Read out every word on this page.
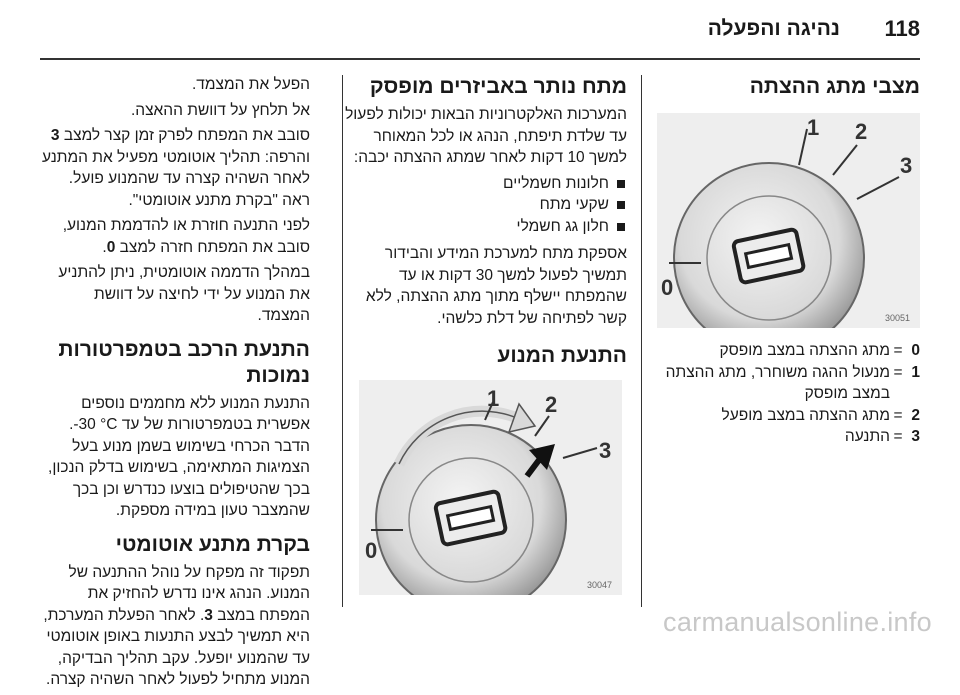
נהיגה והפעלה 118
מצבי מתג ההצתה
0
=
מתג ההצתה במצב מופסק
1
=
מנעול ההגה משוחרר, מתג ההצתה במצב מופסק
2
=
מתג ההצתה במצב מופעל
3
=
התנעה
1 2
3
0
30051
מתח נותר באביזרים מופסק

המערכות האלקטרוניות הבאות יכולות לפעול עד שלדת תיפתח, הנהג או לכל המאוחר למשך 10 דקות לאחר שמתג ההצתה יכבה:

חלונות חשמליים
שקעי מתח
חלון גג חשמלי

אספקת מתח למערכת המידע והבידור תמשיך לפעול למשך 30 דקות או עד שהמפתח יישלף מתוך מתג ההצתה, ללא קשר לפתיחה של דלת כלשהי.

התנעת המנוע
1 2
3
0
30047

הפעל את המצמד.

אל תלחץ על דוושת ההאצה.

סובב את המפתח לפרק זמן קצר למצב 3 והרפה: תהליך אוטומטי מפעיל את המתנע לאחר השהיה קצרה עד שהמנוע פועל. ראה "בקרת מתנע אוטומטי".

לפני התנעה חוזרת או להדממת המנוע, סובב את המפתח חזרה למצב 0.

במהלך הדממה אוטומטית, ניתן להתניע את המנוע על ידי לחיצה על דוושת המצמד.

התנעת הרכב בטמפרטורות נמוכות

התנעת המנוע ללא מחממים נוספים אפשרית בטמפרטורות של עד -30 °C. הדבר הכרחי בשימוש בשמן מנוע בעל הצמיגות המתאימה, בשימוש בדלק הנכון, בכך שהטיפולים בוצעו כנדרש וכן בכך שהמצבר טעון במידה מספקת.

בקרת מתנע אוטומטי

תפקוד זה מפקח על נוהל ההתנעה של המנוע. הנהג אינו נדרש להחזיק את המפתח במצב 3. לאחר הפעלת המערכת, היא תמשיך לבצע התנעות באופן אוטומטי עד שהמנוע יופעל. עקב תהליך הבדיקה, המנוע מתחיל לפעול לאחר השהיה קצרה.

carmanualsonline.info
